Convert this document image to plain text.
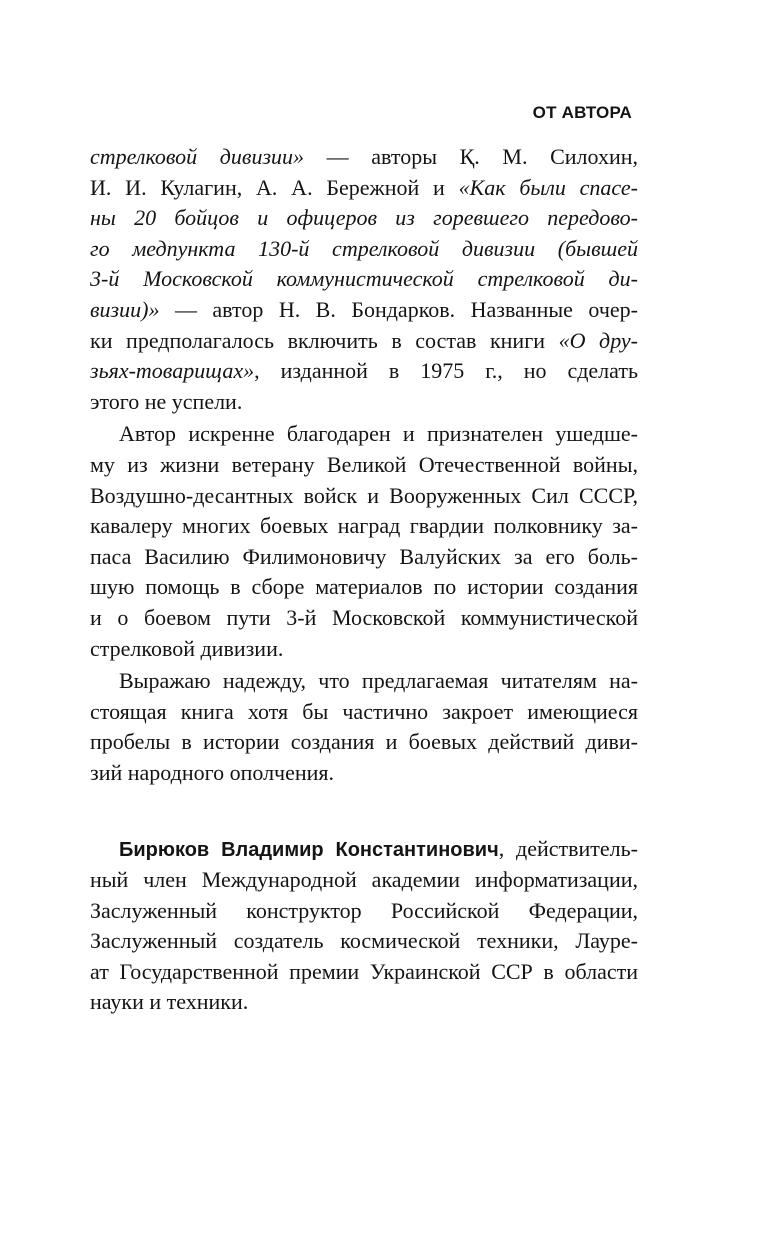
ОТ АВТОРА
стрелковой дивизии» — авторы Қ. М. Силохин,
И. И. Кулагин, А. А. Бережной и «Как были спасе-
ны 20 бойцов и офицеров из горевшего передово-
го медпункта 130-й стрелковой дивизии (бывшей
3-й Московской коммунистической стрелковой ди-
визии)» — автор Н. В. Бондарков. Названные очер-
ки предполагалось включить в состав книги «О дру-
зьях-товарищах», изданной в 1975 г., но сделать
этого не успели.
Автор искренне благодарен и признателен ушедше-
му из жизни ветерану Великой Отечественной войны,
Воздушно-десантных войск и Вооруженных Сил СССР,
кавалеру многих боевых наград гвардии полковнику за-
паса Василию Филимоновичу Валуйских за его боль-
шую помощь в сборе материалов по истории создания
и о боевом пути 3-й Московской коммунистической
стрелковой дивизии.
Выражаю надежду, что предлагаемая читателям на-
стоящая книга хотя бы частично закроет имеющиеся
пробелы в истории создания и боевых действий диви-
зий народного ополчения.
Бирюков Владимир Константинович, действитель-
ный член Международной академии информатизации,
Заслуженный конструктор Российской Федерации,
Заслуженный создатель космической техники, Лауре-
ат Государственной премии Украинской ССР в области
науки и техники.
